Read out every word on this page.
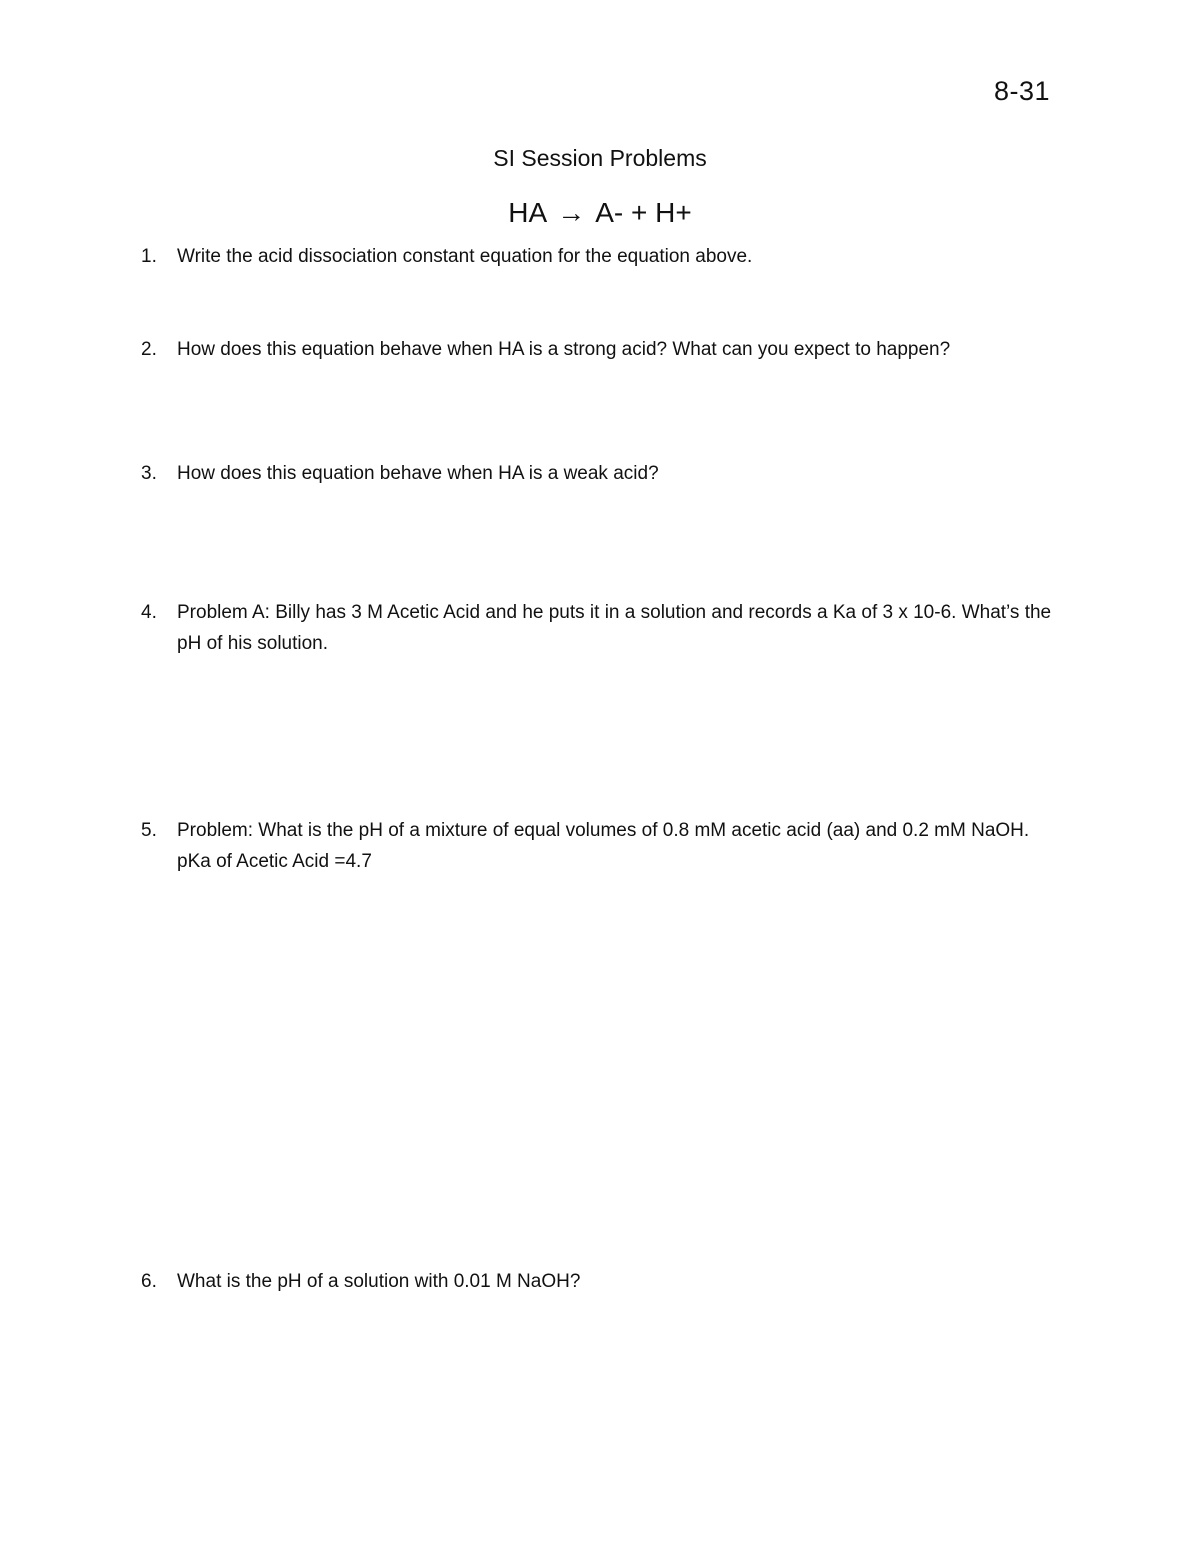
8-31
SI Session Problems
HA → A- + H+
1.	Write the acid dissociation constant equation for the equation above.
2.	How does this equation behave when HA is a strong acid? What can you expect to happen?
3.	How does this equation behave when HA is a weak acid?
4.	Problem A: Billy has 3 M Acetic Acid and he puts it in a solution and records a Ka of 3 x 10-6. What’s the pH of his solution.
5.	Problem: What is the pH of a mixture of equal volumes of 0.8 mM acetic acid (aa) and 0.2 mM NaOH. pKa of Acetic Acid =4.7
6.	What is the pH of a solution with 0.01 M NaOH?
